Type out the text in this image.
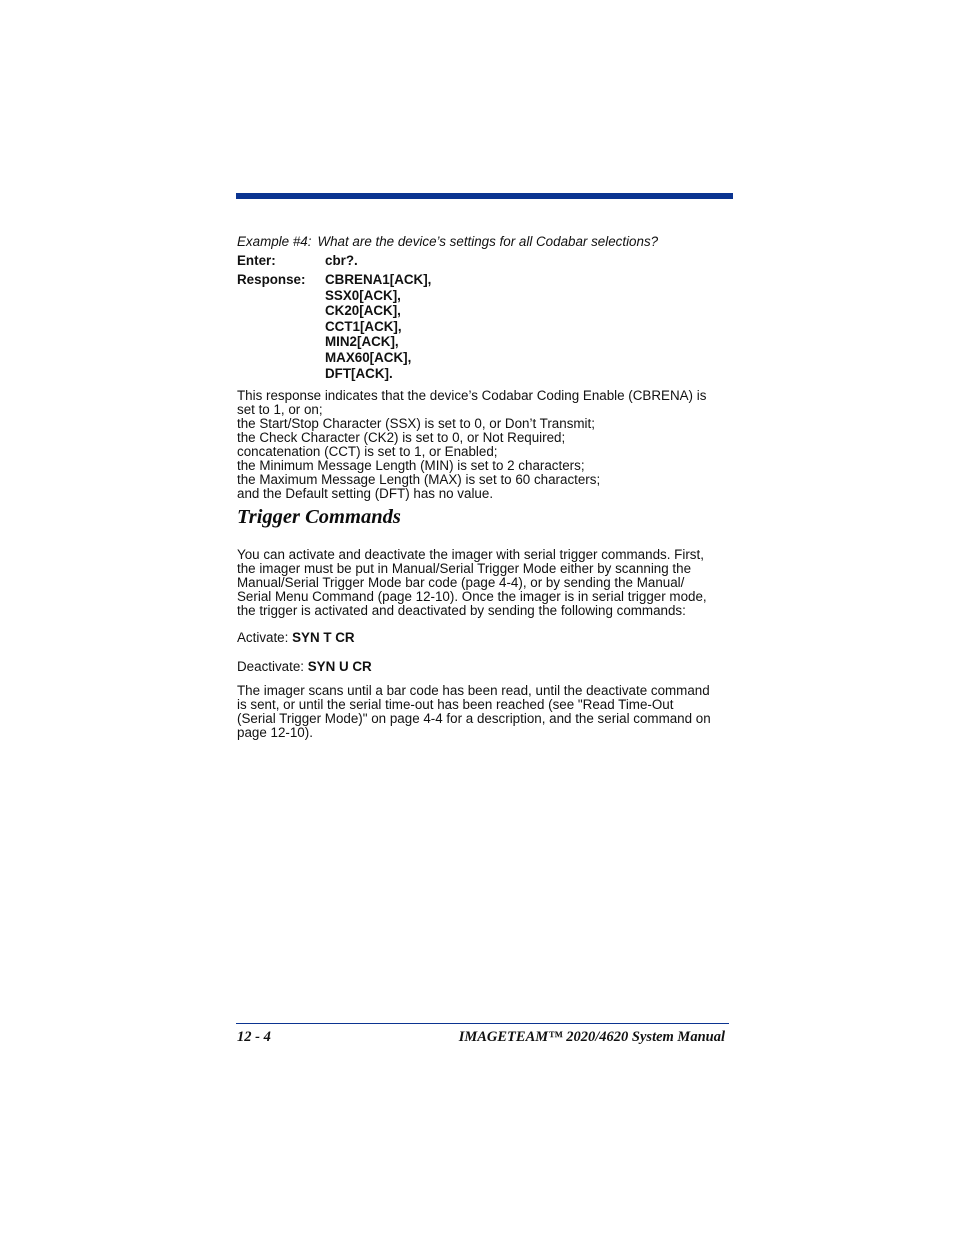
Example #4: What are the device’s settings for all Codabar selections?
Enter:	cbr?.
Response: CBRENA1[ACK],
SSX0[ACK],
CK20[ACK],
CCT1[ACK],
MIN2[ACK],
MAX60[ACK],
DFT[ACK].
This response indicates that the device’s Codabar Coding Enable (CBRENA) is
set to 1, or on;
the Start/Stop Character (SSX) is set to 0, or Don’t Transmit;
the Check Character (CK2) is set to 0, or Not Required;
concatenation (CCT) is set to 1, or Enabled;
the Minimum Message Length (MIN) is set to 2 characters;
the Maximum Message Length (MAX) is set to 60 characters;
and the Default setting (DFT) has no value.
Trigger Commands
You can activate and deactivate the imager with serial trigger commands. First,
the imager must be put in Manual/Serial Trigger Mode either by scanning the
Manual/Serial Trigger Mode bar code (page 4-4), or by sending the Manual/
Serial Menu Command (page 12-10). Once the imager is in serial trigger mode,
the trigger is activated and deactivated by sending the following commands:
Activate: SYN T CR
Deactivate: SYN U CR
The imager scans until a bar code has been read, until the deactivate command
is sent, or until the serial time-out has been reached (see "Read Time-Out
(Serial Trigger Mode)" on page 4-4 for a description, and the serial command on
page 12-10).
12 - 4	IMAGETEAM™ 2020/4620 System Manual
